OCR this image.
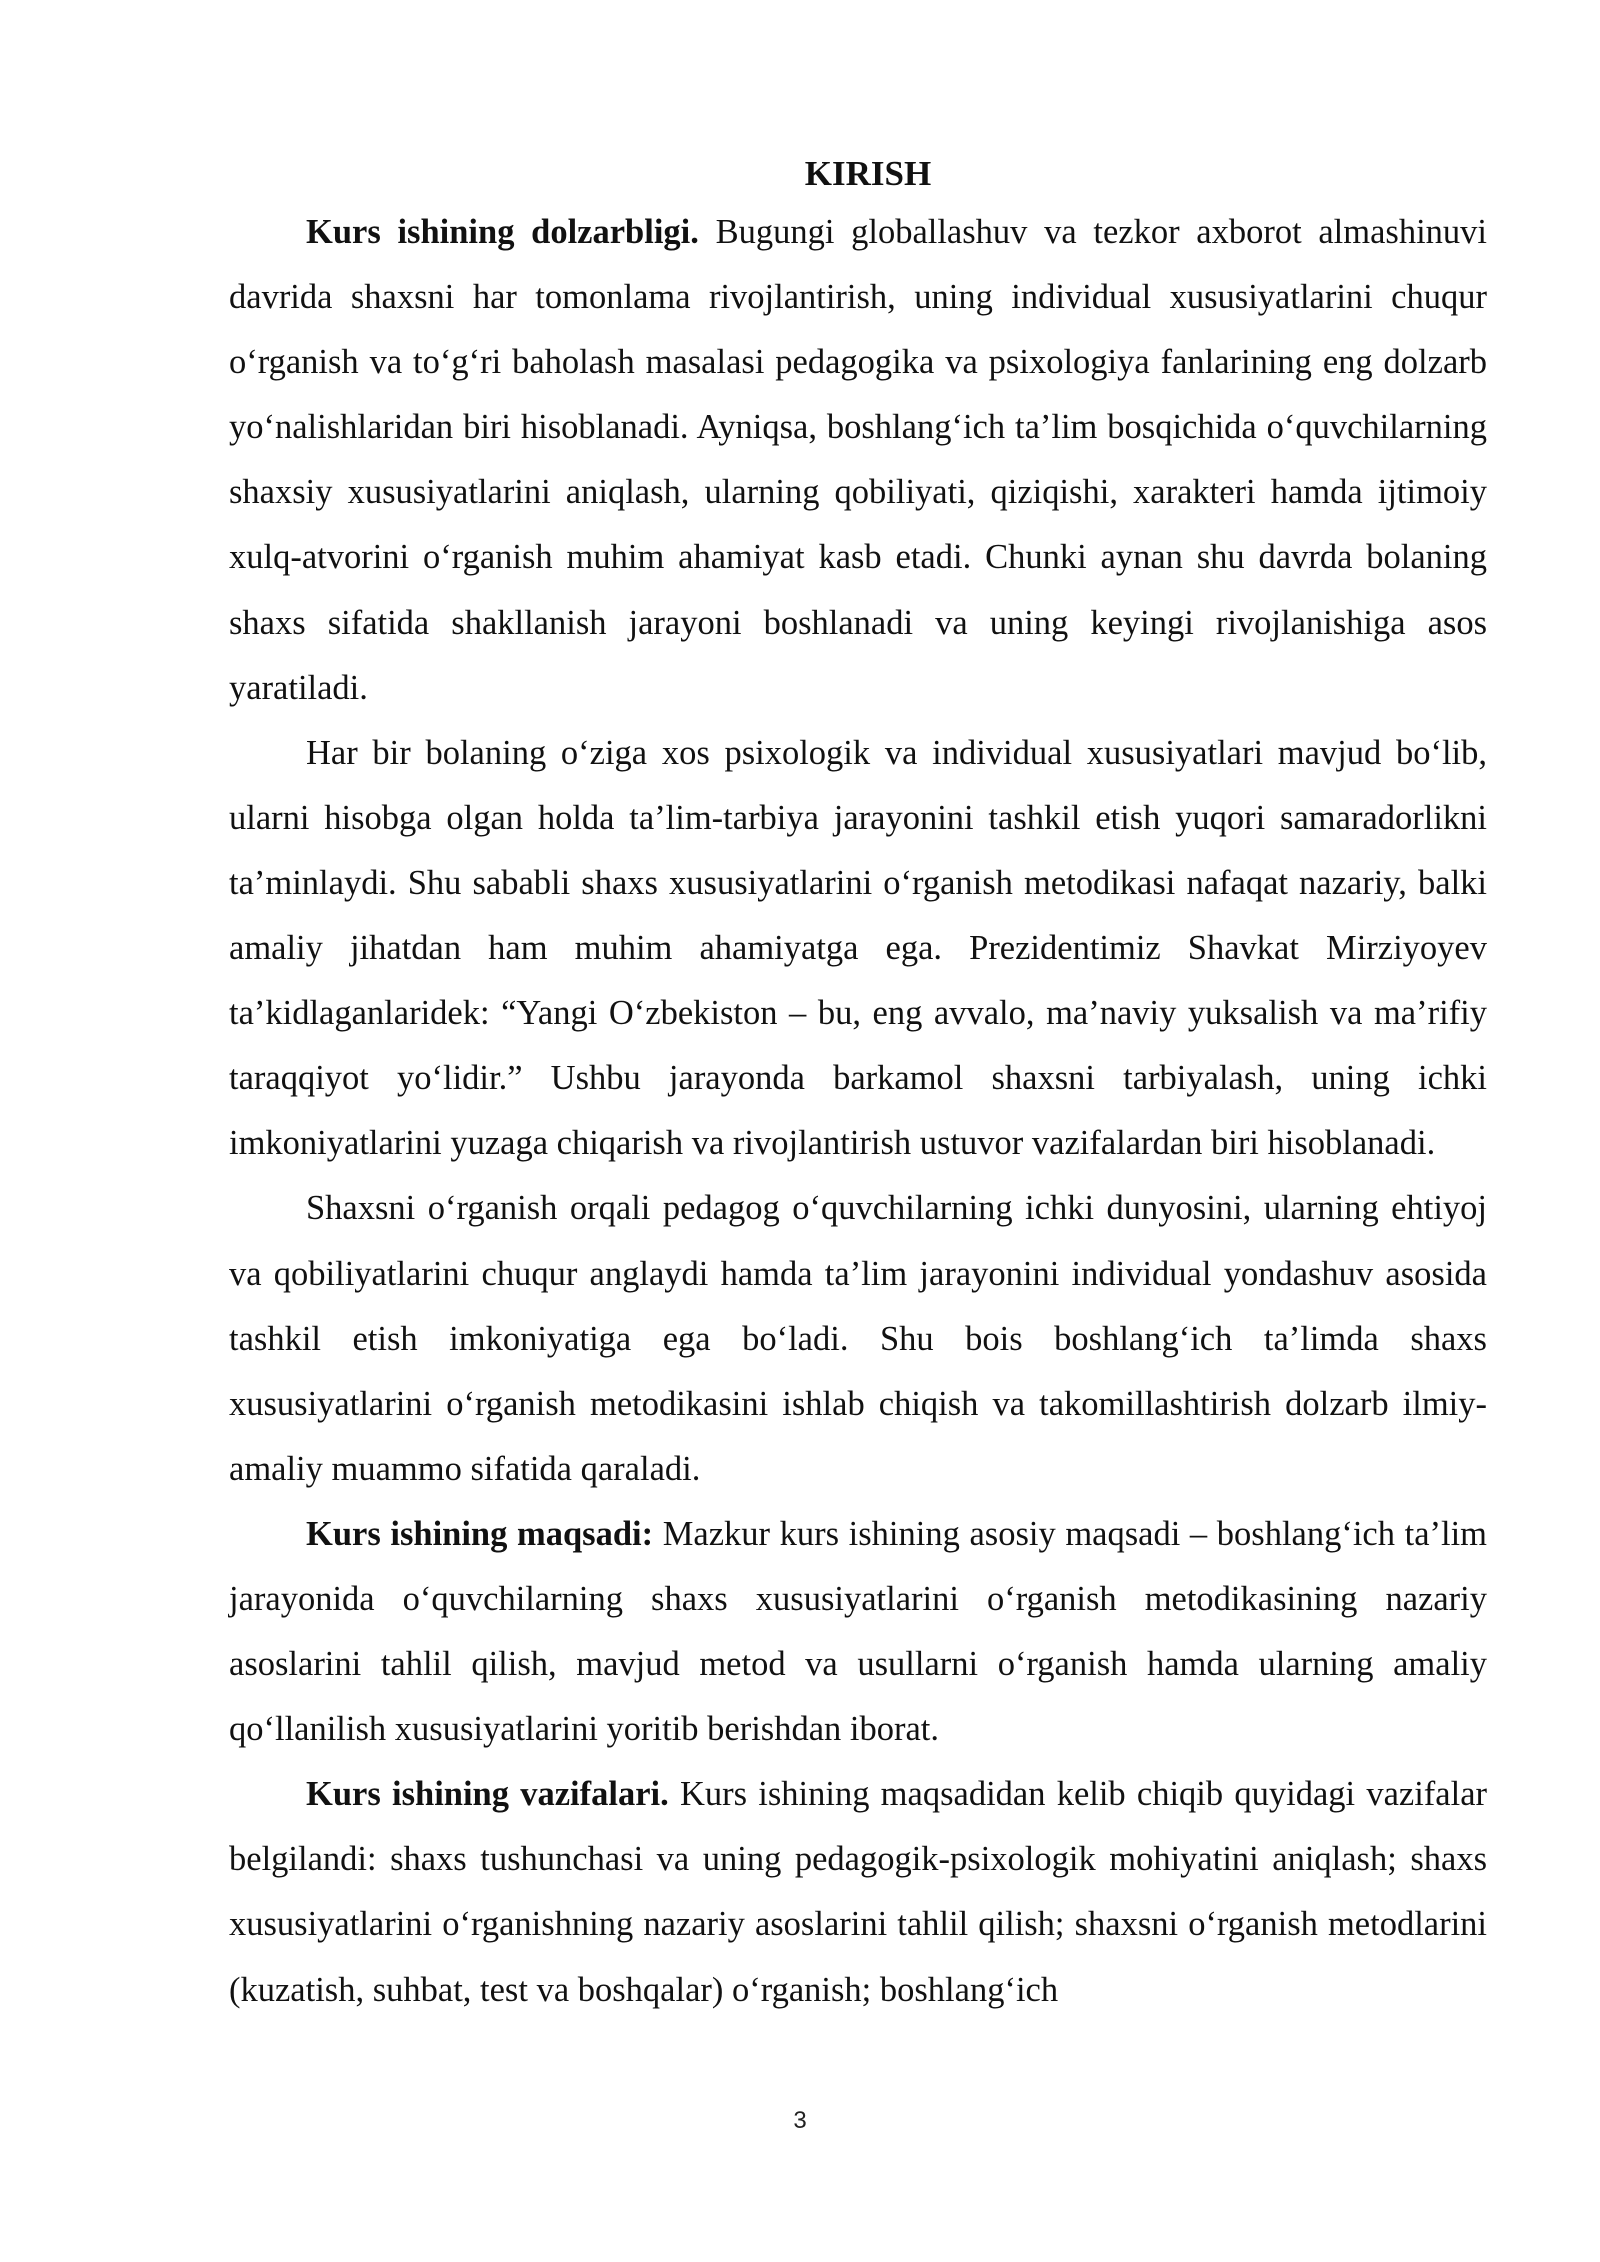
KIRISH

Kurs ishining dolzarbligi. Bugungi globallashuv va tezkor axborot almashinuvi davrida shaxsni har tomonlama rivojlantirish, uning individual xususiyatlarini chuqur o‘rganish va to‘g‘ri baholash masalasi pedagogika va psixologiya fanlarining eng dolzarb yo‘nalishlaridan biri hisoblanadi. Ayniqsa, boshlang‘ich ta’lim bosqichida o‘quvchilarning shaxsiy xususiyatlarini aniqlash, ularning qobiliyati, qiziqishi, xarakteri hamda ijtimoiy xulq-atvorini o‘rganish muhim ahamiyat kasb etadi. Chunki aynan shu davrda bolaning shaxs sifatida shakllanish jarayoni boshlanadi va uning keyingi rivojlanishiga asos yaratiladi.

Har bir bolaning o‘ziga xos psixologik va individual xususiyatlari mavjud bo‘lib, ularni hisobga olgan holda ta’lim-tarbiya jarayonini tashkil etish yuqori samaradorlikni ta’minlaydi. Shu sababli shaxs xususiyatlarini o‘rganish metodikasi nafaqat nazariy, balki amaliy jihatdan ham muhim ahamiyatga ega. Prezidentimiz Shavkat Mirziyoyev ta’kidlaganlaridek: “Yangi O‘zbekiston – bu, eng avvalo, ma’naviy yuksalish va ma’rifiy taraqqiyot yo‘lidir.” Ushbu jarayonda barkamol shaxsni tarbiyalash, uning ichki imkoniyatlarini yuzaga chiqarish va rivojlantirish ustuvor vazifalardan biri hisoblanadi.

Shaxsni o‘rganish orqali pedagog o‘quvchilarning ichki dunyosini, ularning ehtiyoj va qobiliyatlarini chuqur anglaydi hamda ta’lim jarayonini individual yondashuv asosida tashkil etish imkoniyatiga ega bo‘ladi. Shu bois boshlang‘ich ta’limda shaxs xususiyatlarini o‘rganish metodikasini ishlab chiqish va takomillashtirish dolzarb ilmiy-amaliy muammo sifatida qaraladi.

Kurs ishining maqsadi: Mazkur kurs ishining asosiy maqsadi – boshlang‘ich ta’lim jarayonida o‘quvchilarning shaxs xususiyatlarini o‘rganish metodikasining nazariy asoslarini tahlil qilish, mavjud metod va usullarni o‘rganish hamda ularning amaliy qo‘llanilish xususiyatlarini yoritib berishdan iborat.

Kurs ishining vazifalari. Kurs ishining maqsadidan kelib chiqib quyidagi vazifalar belgilandi: shaxs tushunchasi va uning pedagogik-psixologik mohiyatini aniqlash; shaxs xususiyatlarini o‘rganishning nazariy asoslarini tahlil qilish; shaxsni o‘rganish metodlarini (kuzatish, suhbat, test va boshqalar) o‘rganish; boshlang‘ich

3
